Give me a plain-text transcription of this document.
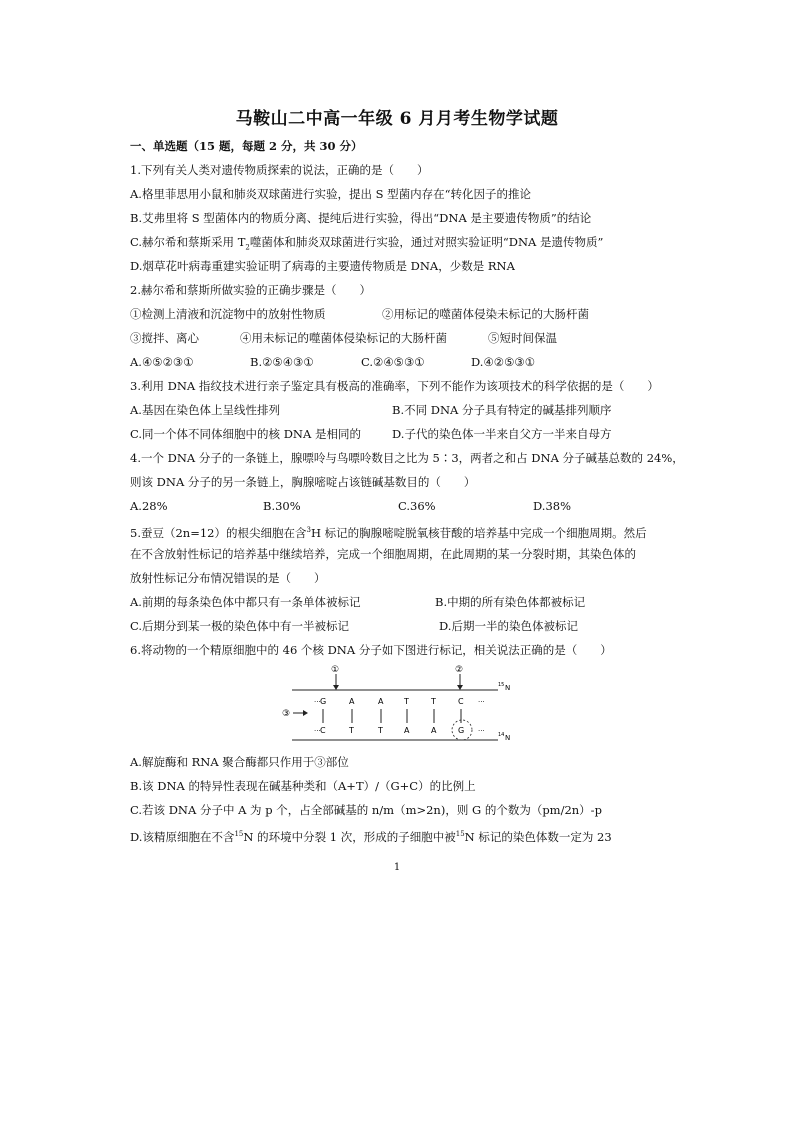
马鞍山二中高一年级 6 月月考生物学试题
一、单选题（15 题，每题 2 分，共 30 分）
1.下列有关人类对遗传物质探索的说法，正确的是（　　）
A.格里菲思用小鼠和肺炎双球菌进行实验，提出 S 型菌内存在“转化因子的推论
B.艾弗里将 S 型菌体内的物质分离、提纯后进行实验，得出“DNA 是主要遗传物质”的结论
C.赫尔希和蔡斯采用 $T_2$噬菌体和肺炎双球菌进行实验，通过对照实验证明“DNA 是遗传物质”
D.烟草花叶病毒重建实验证明了病毒的主要遗传物质是 DNA，少数是 RNA
2.赫尔希和蔡斯所做实验的正确步骤是（　　）
①检测上清液和沉淀物中的放射性物质	②用标记的噬菌体侵染未标记的大肠杆菌
③搅拌、离心	④用未标记的噬菌体侵染标记的大肠杆菌	⑤短时间保温
A.④⑤②③①	B.②⑤④③①	C.②④⑤③①	D.④②⑤③①
3.利用 DNA 指纹技术进行亲子鉴定具有极高的准确率，下列不能作为该项技术的科学依据的是（　　）
A.基因在染色体上呈线性排列	B.不同 DNA 分子具有特定的碱基排列顺序
C.同一个体不同体细胞中的核 DNA 是相同的	D.子代的染色体一半来自父方一半来自母方
4.一个 DNA 分子的一条链上，腺嘌呤与鸟嘌呤数目之比为 5∶3，两者之和占 DNA 分子碱基总数的 24%，
则该 DNA 分子的另一条链上，胸腺嘧啶占该链碱基数目的（　　）
A.28%	B.30%	C.36%	D.38%
5.蚕豆（2n=12）的根尖细胞在含$^3$H 标记的胸腺嘧啶脱氧核苷酸的培养基中完成一个细胞周期。然后
在不含放射性标记的培养基中继续培养，完成一个细胞周期，在此周期的某一分裂时期，其染色体的
放射性标记分布情况错误的是（　　）
A.前期的每条染色体中都只有一条单体被标记	B.中期的所有染色体都被标记
C.后期分到某一极的染色体中有一半被标记	D.后期一半的染色体被标记
6.将动物的一个精原细胞中的 46 个核 DNA 分子如下图进行标记，相关说法正确的是（　　）
15 N
14 N
···
···
···
···
G	A	A	T	T	C
C	T	T	A	A	G
①	②
③
A.解旋酶和 RNA 聚合酶都只作用于③部位
B.该 DNA 的特异性表现在碱基种类和（A+T）/（G+C）的比例上
C.若该 DNA 分子中 A 为 p 个，占全部碱基的 n/m（m>2n)，则 G 的个数为（pm/2n）-p
D.该精原细胞在不含$^{15}$N 的环境中分裂 1 次，形成的子细胞中被$^{15}$N 标记的染色体数一定为 23
1
